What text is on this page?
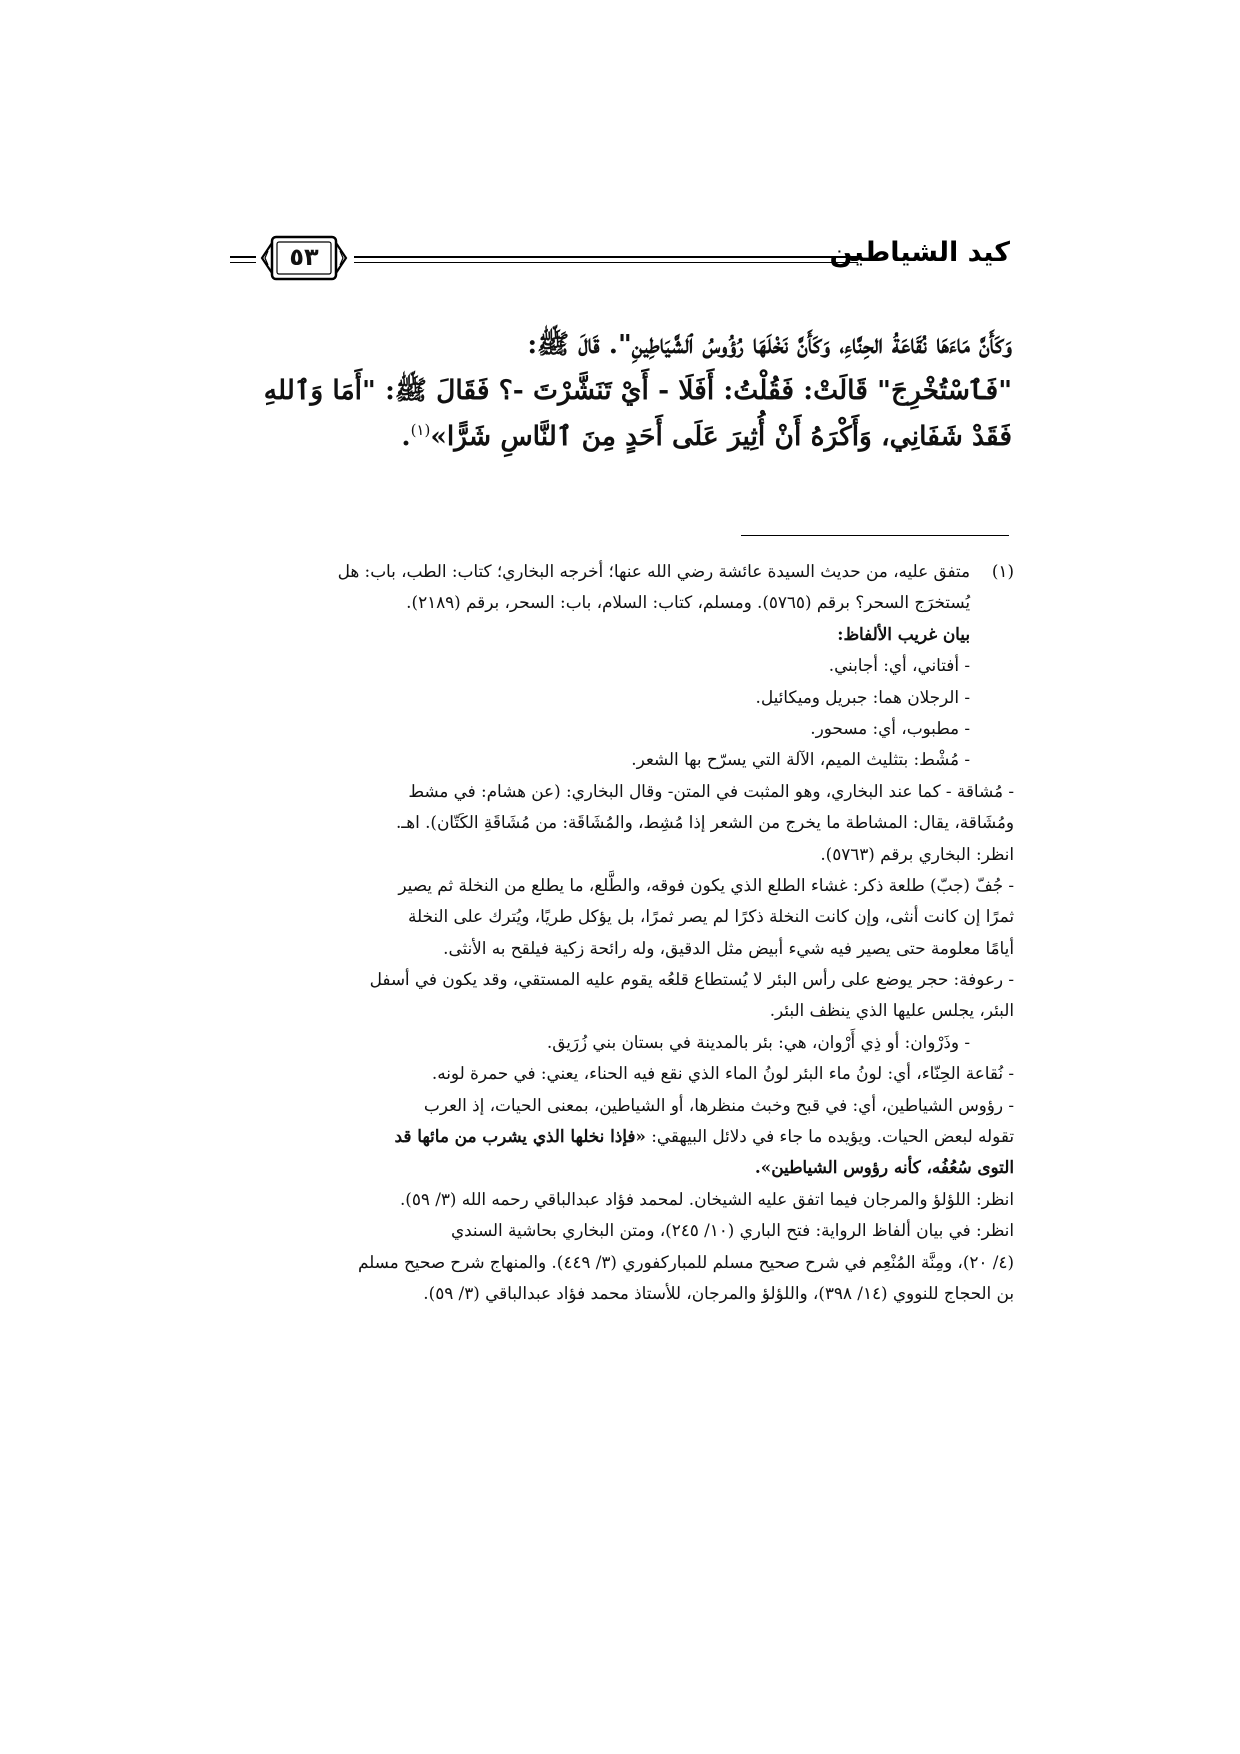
كيد الشياطين
٥٣
وَكَأَنَّ مَاءَهَا نُقَاعَةُ الحِنَّاءِ، وَكَأَنَّ نَخْلَهَا رُؤُوسُ ٱلشَّيَاطِينِ". قَالَ ﷺ:
"فَٱسْتُخْرِجَ" قَالَتْ: فَقُلْتُ: أَفَلَا - أَيْ تَنَشَّرْتَ -؟ فَقَالَ ﷺ: "أَمَا وَٱللهِ
فَقَدْ شَفَانِي، وَأَكْرَهُ أَنْ أُثِيرَ عَلَى أَحَدٍ مِنَ ٱلنَّاسِ شَرًّا»$^{(١)}$.
(١)متفق عليه، من حديث السيدة عائشة رضي الله عنها؛ أخرجه البخاري؛ كتاب: الطب، باب: هل
يُستخرَج السحر؟ برقم (٥٧٦٥). ومسلم، كتاب: السلام، باب: السحر، برقم (٢١٨٩).
بيان غريب الألفاظ:
- أفتاني، أي: أجابني.
- الرجلان هما: جبريل وميكائيل.
- مطبوب، أي: مسحور.
- مُشْط: بتثليث الميم، الآلة التي يسرّح بها الشعر.
- مُشاقة - كما عند البخاري، وهو المثبت في المتن- وقال البخاري: (عن هشام: في مشط
ومُشَاقة، يقال: المشاطة ما يخرج من الشعر إذا مُشِط، والمُشَاقَة: من مُشَاقَةِ الكَتّان). اهـ.
انظر: البخاري برقم (٥٧٦٣).
- جُفّ (جبّ) طلعة ذكر: غشاء الطلع الذي يكون فوقه، والطَّلع، ما يطلع من النخلة ثم يصير
ثمرًا إن كانت أنثى، وإن كانت النخلة ذكرًا لم يصر ثمرًا، بل يؤكل طريًا، ويُترك على النخلة
أيامًا معلومة حتى يصير فيه شيء أبيض مثل الدقيق، وله رائحة زكية فيلقح به الأنثى.
- رعوفة: حجر يوضع على رأس البئر لا يُستطاع قلعُه يقوم عليه المستقي، وقد يكون في أسفل
البئر، يجلس عليها الذي ينظف البئر.
- وذَرْوان: أو ذِي أَرْوان، هي: بئر بالمدينة في بستان بني زُرَيق.
- نُقاعة الحِنّاء، أي: لونُ ماء البئر لونُ الماء الذي نقع فيه الحناء، يعني: في حمرة لونه.
- رؤوس الشياطين، أي: في قبح وخبث منظرها، أو الشياطين، بمعنى الحيات، إذ العرب
تقوله لبعض الحيات. ويؤيده ما جاء في دلائل البيهقي: «فإذا نخلها الذي يشرب من مائها قد
التوى سُعُفُه، كأنه رؤوس الشياطين».
انظر: اللؤلؤ والمرجان فيما اتفق عليه الشيخان. لمحمد فؤاد عبدالباقي رحمه الله (٣/ ٥٩).
انظر: في بيان ألفاظ الرواية: فتح الباري (١٠/ ٢٤٥)، ومتن البخاري بحاشية السندي
(٤/ ٢٠)، ومِنَّة المُنْعِم في شرح صحيح مسلم للمباركفوري (٣/ ٤٤٩). والمنهاج شرح صحيح مسلم
بن الحجاج للنووي (١٤/ ٣٩٨)، واللؤلؤ والمرجان، للأستاذ محمد فؤاد عبدالباقي (٣/ ٥٩).
